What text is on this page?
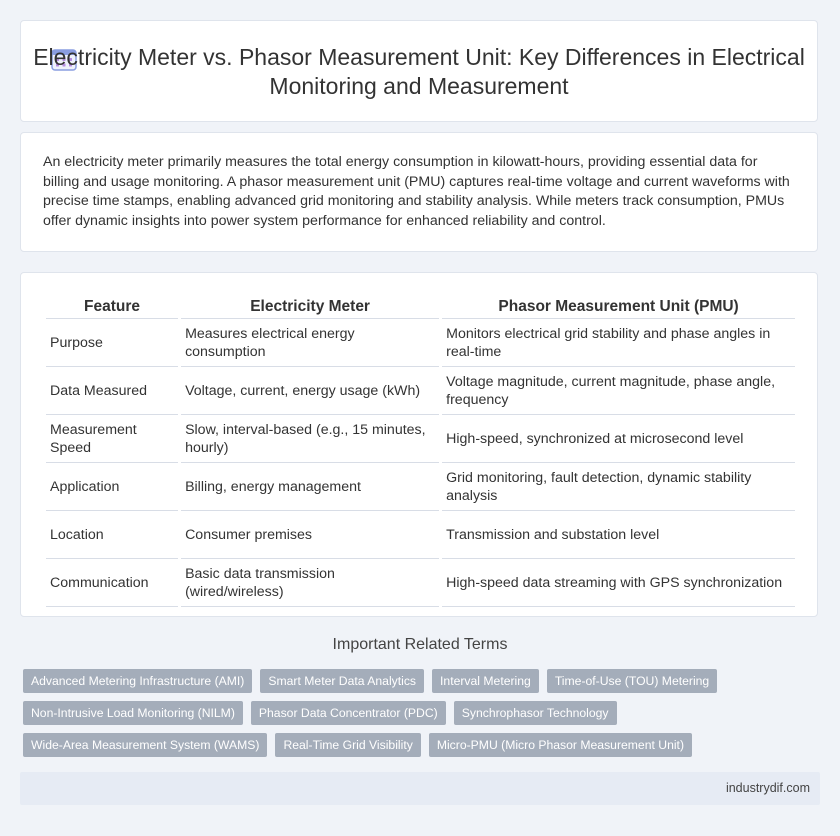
Electricity Meter vs. Phasor Measurement Unit: Key Differences in Electrical Monitoring and Measurement

An electricity meter primarily measures the total energy consumption in kilowatt-hours, providing essential data for billing and usage monitoring. A phasor measurement unit (PMU) captures real-time voltage and current waveforms with precise time stamps, enabling advanced grid monitoring and stability analysis. While meters track consumption, PMUs offer dynamic insights into power system performance for enhanced reliability and control.

Feature	Electricity Meter	Phasor Measurement Unit (PMU)
Purpose	Measures electrical energy consumption	Monitors electrical grid stability and phase angles in real-time
Data Measured	Voltage, current, energy usage (kWh)	Voltage magnitude, current magnitude, phase angle, frequency
Measurement Speed	Slow, interval-based (e.g., 15 minutes, hourly)	High-speed, synchronized at microsecond level
Application	Billing, energy management	Grid monitoring, fault detection, dynamic stability analysis
Location	Consumer premises	Transmission and substation level
Communication	Basic data transmission (wired/wireless)	High-speed data streaming with GPS synchronization
Important Related Terms
Advanced Metering Infrastructure (AMI) Smart Meter Data Analytics Interval Metering Time-of-Use (TOU) Metering
Non-Intrusive Load Monitoring (NILM) Phasor Data Concentrator (PDC) Synchrophasor Technology
Wide-Area Measurement System (WAMS) Real-Time Grid Visibility Micro-PMU (Micro Phasor Measurement Unit)
industrydif.com
